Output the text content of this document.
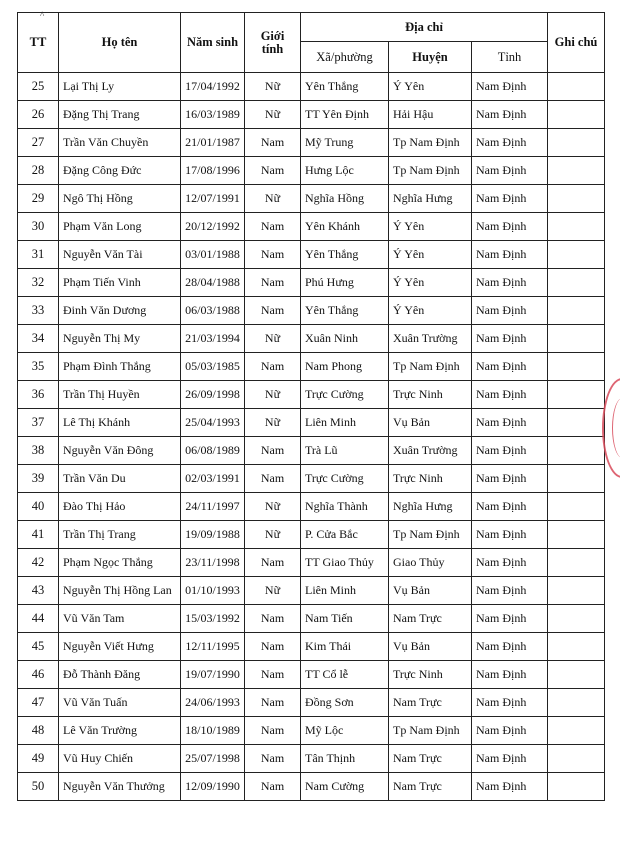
^
TT	Họ tên	Năm sinh	Giới tính	Địa chỉ			Ghi chú
				Xã/phường	Huyện	Tỉnh	
25	Lại Thị Ly	17/04/1992	Nữ	Yên Thắng	Ý Yên	Nam Định	
26	Đặng Thị Trang	16/03/1989	Nữ	TT Yên Định	Hải Hậu	Nam Định	
27	Trần Văn Chuyền	21/01/1987	Nam	Mỹ Trung	Tp Nam Định	Nam Định	
28	Đặng Công Đức	17/08/1996	Nam	Hưng Lộc	Tp Nam Định	Nam Định	
29	Ngô Thị Hồng	12/07/1991	Nữ	Nghĩa Hồng	Nghĩa Hưng	Nam Định	
30	Phạm Văn Long	20/12/1992	Nam	Yên Khánh	Ý Yên	Nam Định	
31	Nguyễn Văn Tài	03/01/1988	Nam	Yên Thắng	Ý Yên	Nam Định	
32	Phạm Tiến Vinh	28/04/1988	Nam	Phú Hưng	Ý Yên	Nam Định	
33	Đinh Văn Dương	06/03/1988	Nam	Yên Thắng	Ý Yên	Nam Định	
34	Nguyễn Thị My	21/03/1994	Nữ	Xuân Ninh	Xuân Trường	Nam Định	
35	Phạm Đình Thắng	05/03/1985	Nam	Nam Phong	Tp Nam Định	Nam Định	
36	Trần Thị Huyền	26/09/1998	Nữ	Trực Cường	Trực Ninh	Nam Định	
37	Lê Thị Khánh	25/04/1993	Nữ	Liên Minh	Vụ Bản	Nam Định	
38	Nguyễn Văn Đông	06/08/1989	Nam	Trà Lũ	Xuân Trường	Nam Định	
39	Trần Văn Du	02/03/1991	Nam	Trực Cường	Trực Ninh	Nam Định	
40	Đào Thị Hảo	24/11/1997	Nữ	Nghĩa Thành	Nghĩa Hưng	Nam Định	
41	Trần Thị Trang	19/09/1988	Nữ	P. Cửa Bắc	Tp Nam Định	Nam Định	
42	Phạm Ngọc Thắng	23/11/1998	Nam	TT Giao Thủy	Giao Thủy	Nam Định	
43	Nguyễn Thị Hồng Lan	01/10/1993	Nữ	Liên Minh	Vụ Bản	Nam Định	
44	Vũ Văn Tam	15/03/1992	Nam	Nam Tiến	Nam Trực	Nam Định	
45	Nguyễn Viết Hưng	12/11/1995	Nam	Kim Thái	Vụ Bản	Nam Định	
46	Đỗ Thành Đăng	19/07/1990	Nam	TT Cổ lễ	Trực Ninh	Nam Định	
47	Vũ Văn Tuấn	24/06/1993	Nam	Đồng Sơn	Nam Trực	Nam Định	
48	Lê Văn Trường	18/10/1989	Nam	Mỹ Lộc	Tp Nam Định	Nam Định	
49	Vũ Huy Chiến	25/07/1998	Nam	Tân Thịnh	Nam Trực	Nam Định	
50	Nguyễn Văn Thưởng	12/09/1990	Nam	Nam Cường	Nam Trực	Nam Định	
